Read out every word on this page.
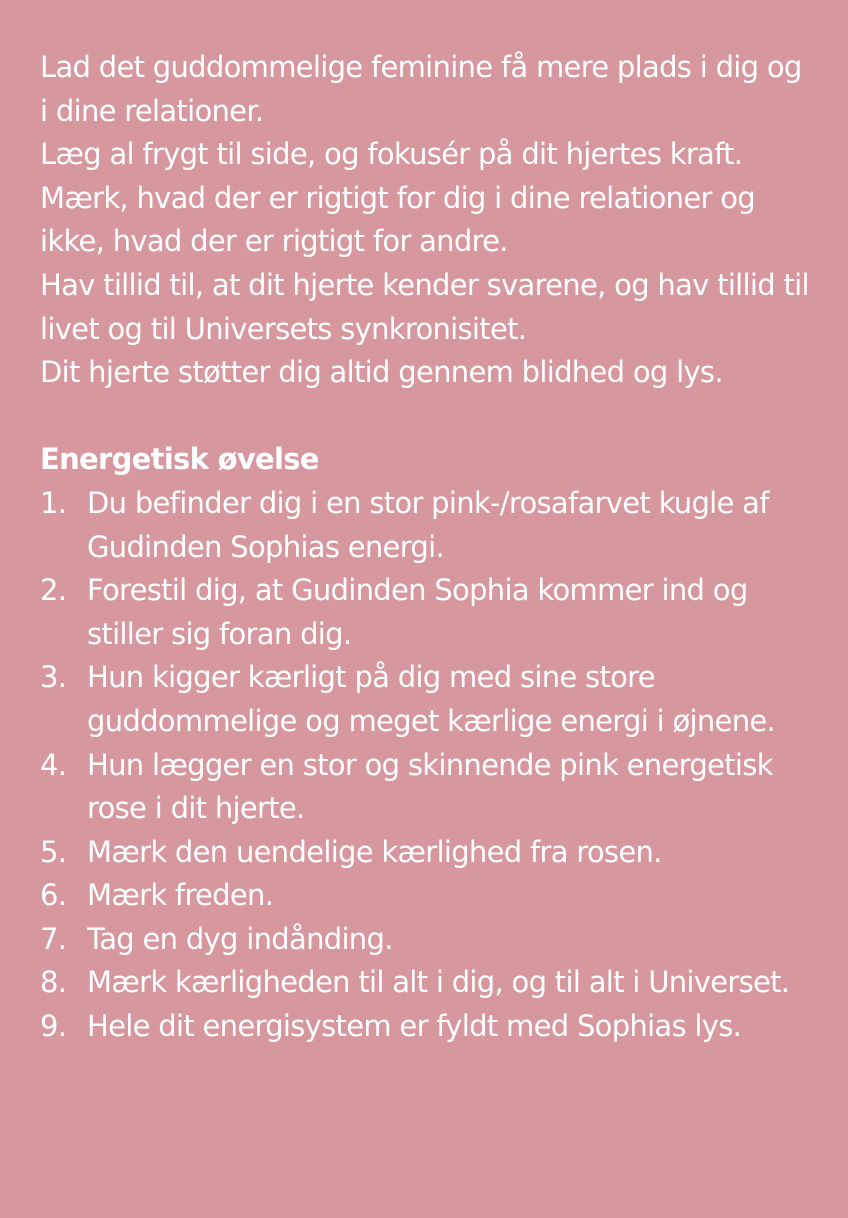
Lad det guddommelige feminine få mere plads i dig og i dine relationer.

Læg al frygt til side, og fokusér på dit hjertes kraft.

Mærk, hvad der er rigtigt for dig i dine relationer og ikke, hvad der er rigtigt for andre.

Hav tillid til, at dit hjerte kender svarene, og hav tillid til livet og til Universets synkronisitet.

Dit hjerte støtter dig altid gennem blidhed og lys.

Energetisk øvelse
1. Du befinder dig i en stor pink-/rosafarvet kugle af Gudinden Sophias energi.
2. Forestil dig, at Gudinden Sophia kommer ind og stiller sig foran dig.
3. Hun kigger kærligt på dig med sine store guddommelige og meget kærlige energi i øjnene.
4. Hun lægger en stor og skinnende pink energetisk rose i dit hjerte.
5. Mærk den uendelige kærlighed fra rosen.
6. Mærk freden.
7. Tag en dyg indånding.
8. Mærk kærligheden til alt i dig, og til alt i Universet.
9. Hele dit energisystem er fyldt med Sophias lys.
